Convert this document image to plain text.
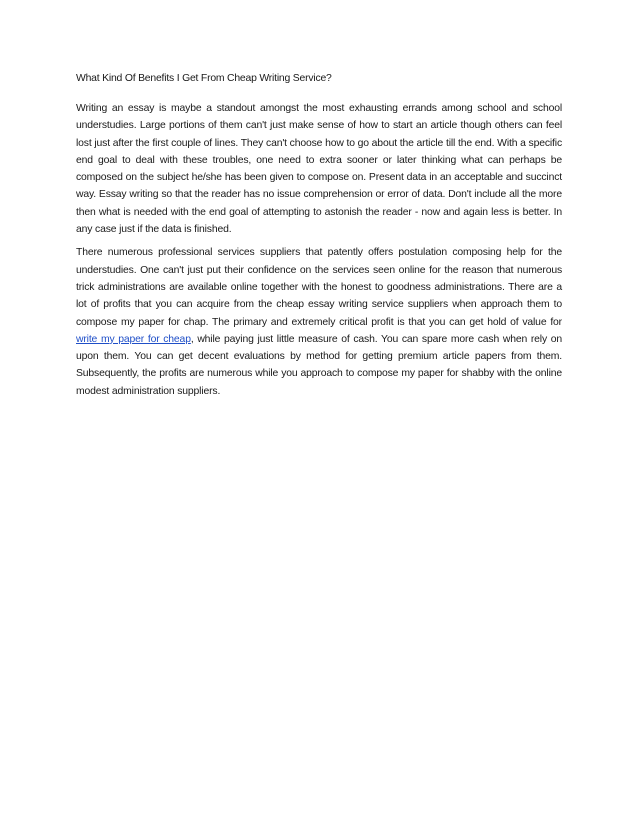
What Kind Of Benefits I Get From Cheap Writing Service?

Writing an essay is maybe a standout amongst the most exhausting errands among school and school understudies. Large portions of them can't just make sense of how to start an article though others can feel lost just after the first couple of lines. They can't choose how to go about the article till the end. With a specific end goal to deal with these troubles, one need to extra sooner or later thinking what can perhaps be composed on the subject he/she has been given to compose on. Present data in an acceptable and succinct way. Essay writing so that the reader has no issue comprehension or error of data. Don't include all the more then what is needed with the end goal of attempting to astonish the reader - now and again less is better. In any case just if the data is finished.

There numerous professional services suppliers that patently offers postulation composing help for the understudies. One can't just put their confidence on the services seen online for the reason that numerous trick administrations are available online together with the honest to goodness administrations. There are a lot of profits that you can acquire from the cheap essay writing service suppliers when approach them to compose my paper for chap. The primary and extremely critical profit is that you can get hold of value for write my paper for cheap, while paying just little measure of cash. You can spare more cash when rely on upon them. You can get decent evaluations by method for getting premium article papers from them. Subsequently, the profits are numerous while you approach to compose my paper for shabby with the online modest administration suppliers.
